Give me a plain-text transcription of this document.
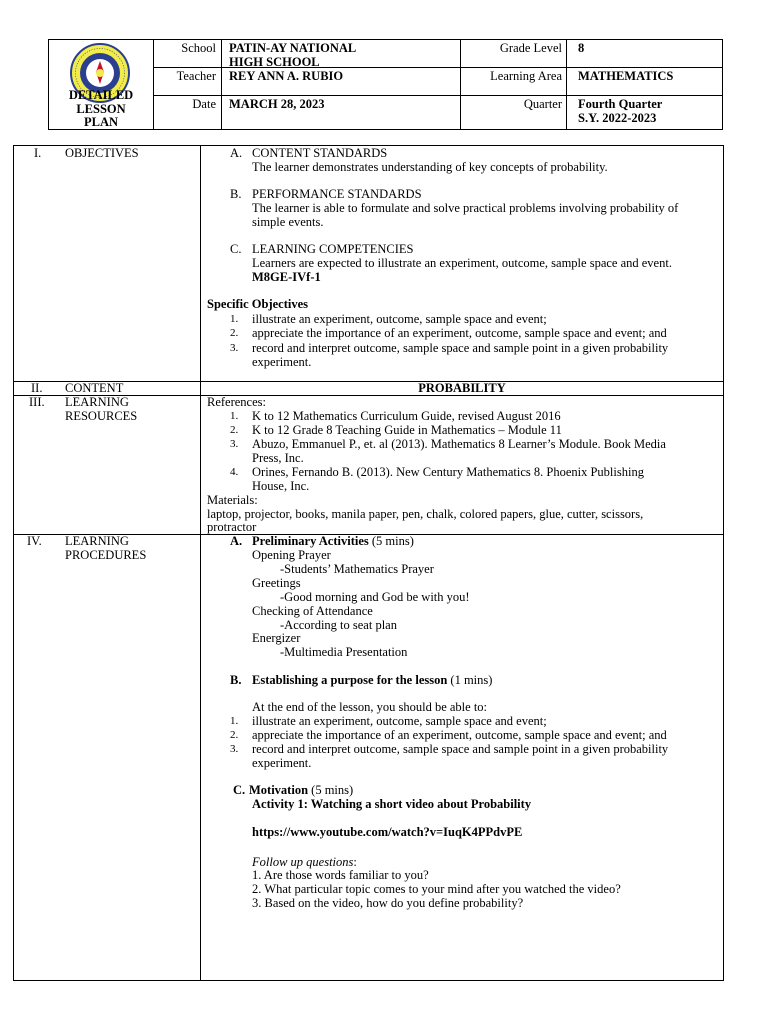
DETAILED
LESSON
PLAN
School
Teacher
Date
PATIN-AY NATIONAL
HIGH SCHOOL
REY ANN A. RUBIO
MARCH 28, 2023
Grade Level
Learning Area
Quarter
8
MATHEMATICS
Fourth Quarter
S.Y. 2022-2023
I. OBJECTIVES	A. CONTENT STANDARDS
The learner demonstrates understanding of key concepts of probability.
B. PERFORMANCE STANDARDS
The learner is able to formulate and solve practical problems involving probability of
simple events.
C. LEARNING COMPETENCIES
Learners are expected to illustrate an experiment, outcome, sample space and event.
M8GE-IVf-1
Specific Objectives
1. illustrate an experiment, outcome, sample space and event;
2. appreciate the importance of an experiment, outcome, sample space and event; and
3. record and interpret outcome, sample space and sample point in a given probability
experiment.
II. CONTENT	PROBABILITY
III. LEARNING
RESOURCES
References:
1. K to 12 Mathematics Curriculum Guide, revised August 2016
2. K to 12 Grade 8 Teaching Guide in Mathematics – Module 11
3. Abuzo, Emmanuel P., et. al (2013). Mathematics 8 Learner’s Module. Book Media
Press, Inc.
4. Orines, Fernando B. (2013). New Century Mathematics 8. Phoenix Publishing
House, Inc.
Materials:
laptop, projector, books, manila paper, pen, chalk, colored papers, glue, cutter, scissors,
protractor
IV. LEARNING
PROCEDURES
A. Preliminary Activities (5 mins)
Opening Prayer
-Students’ Mathematics Prayer
Greetings
-Good morning and God be with you!
Checking of Attendance
-According to seat plan
Energizer
-Multimedia Presentation
B. Establishing a purpose for the lesson (1 mins)
At the end of the lesson, you should be able to:
1. illustrate an experiment, outcome, sample space and event;
2. appreciate the importance of an experiment, outcome, sample space and event; and
3. record and interpret outcome, sample space and sample point in a given probability
experiment.
C. Motivation (5 mins)
Activity 1: Watching a short video about Probability
https://www.youtube.com/watch?v=IuqK4PPdvPE
Follow up questions:
1. Are those words familiar to you?
2. What particular topic comes to your mind after you watched the video?
3. Based on the video, how do you define probability?
